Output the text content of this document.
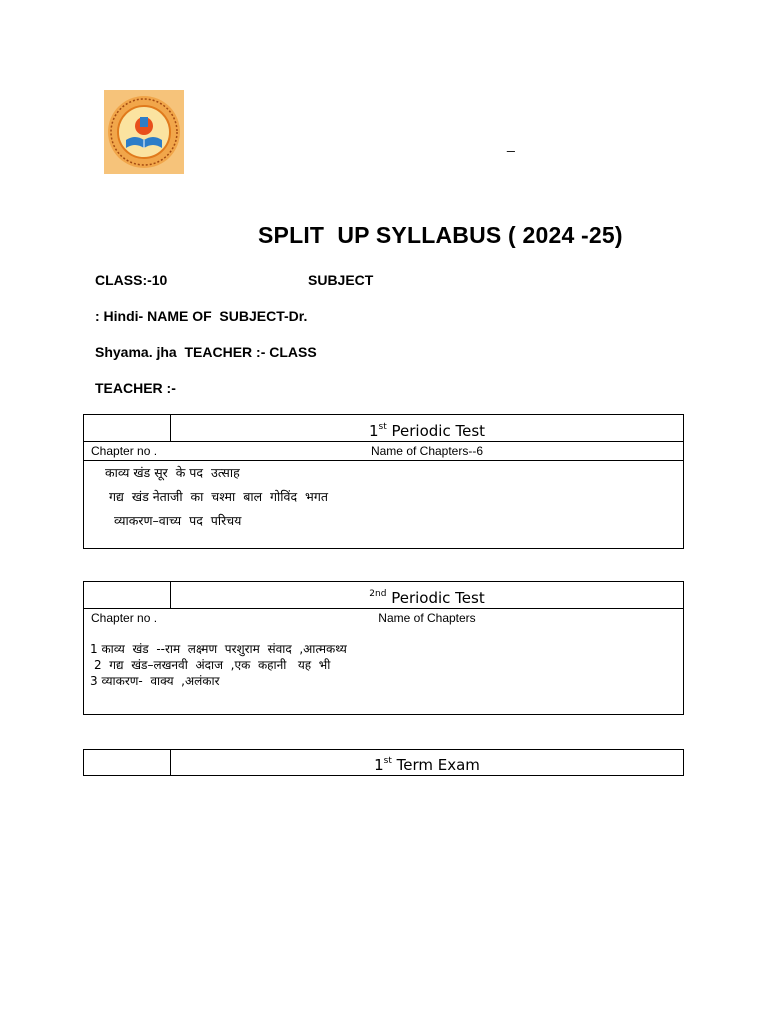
_
SPLIT  UP SYLLABUS ( 2024 -25)
CLASS:-10	SUBJECT
: Hindi- NAME OF  SUBJECT-Dr.
Shyama. jha  TEACHER :- CLASS
TEACHER :-
1st Periodic Test
Chapter no .	Name of Chapters--6
काव्य खंड सूर  के पद  उत्साह
गद्य  खंड नेताजी  का  चश्मा  बाल  गोविंद  भगत
व्याकरण–वाच्य  पद  परिचय
$^{2nd}$ Periodic Test
Chapter no .	Name of Chapters
1 काव्य  खंड  --राम  लक्ष्मण  परशुराम  संवाद  ,आत्मकथ्य
2  गद्य  खंड–लखनवी  अंदाज  ,एक  कहानी   यह  भी
3 व्याकरण-  वाक्य  ,अलंकार
1st Term Exam
